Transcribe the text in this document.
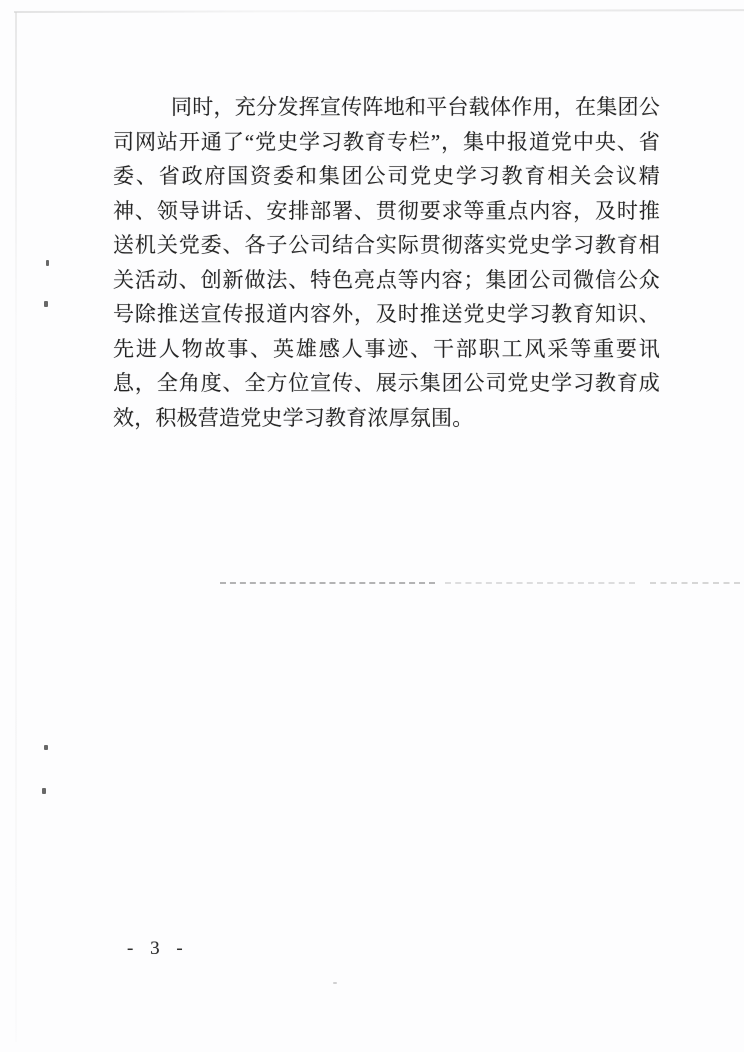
同时，充分发挥宣传阵地和平台载体作用，在集团公司网站开通了“党史学习教育专栏”，集中报道党中央、省委、省政府国资委和集团公司党史学习教育相关会议精神、领导讲话、安排部署、贯彻要求等重点内容，及时推送机关党委、各子公司结合实际贯彻落实党史学习教育相关活动、创新做法、特色亮点等内容；集团公司微信公众号除推送宣传报道内容外，及时推送党史学习教育知识、先进人物故事、英雄感人事迹、干部职工风采等重要讯息，全角度、全方位宣传、展示集团公司党史学习教育成效，积极营造党史学习教育浓厚氛围。

- 3 -
